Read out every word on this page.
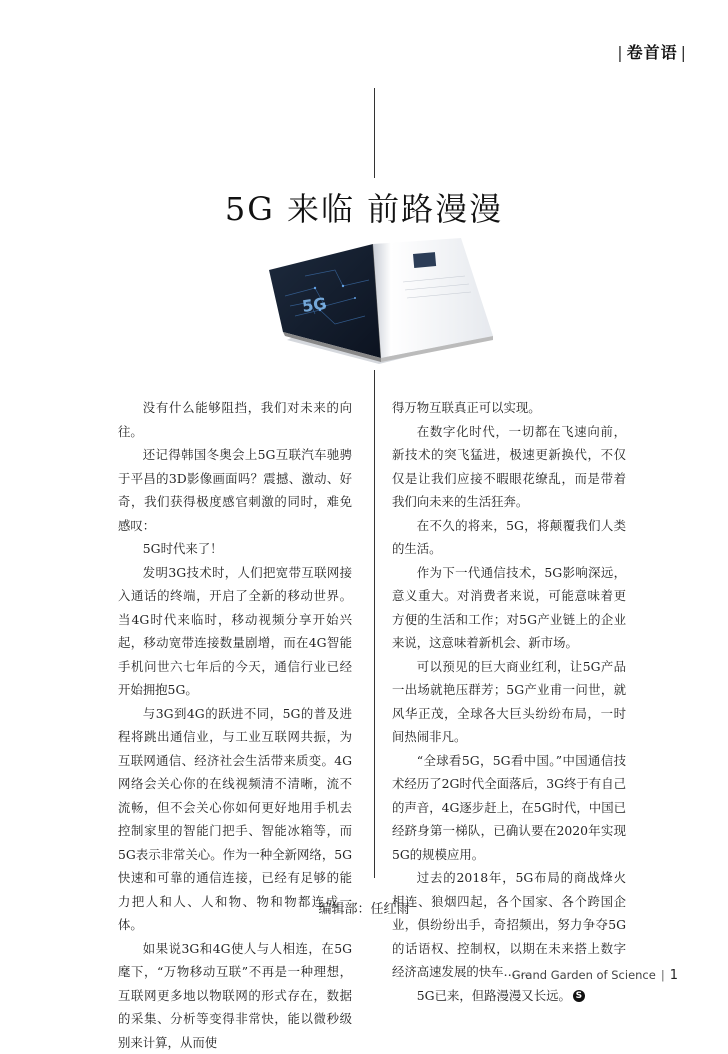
| 卷首语 |
5G 来临 前路漫漫
5G

没有什么能够阻挡，我们对未来的向往。

还记得韩国冬奥会上5G互联汽车驰骋于平昌的3D影像画面吗？震撼、激动、好奇，我们获得极度感官刺激的同时，难免感叹：

5G时代来了！

发明3G技术时，人们把宽带互联网接入通话的终端，开启了全新的移动世界。当4G时代来临时，移动视频分享开始兴起，移动宽带连接数量剧增，而在4G智能手机问世六七年后的今天，通信行业已经开始拥抱5G。

与3G到4G的跃进不同，5G的普及进程将跳出通信业，与工业互联网共振，为互联网通信、经济社会生活带来质变。4G网络会关心你的在线视频清不清晰，流不流畅，但不会关心你如何更好地用手机去控制家里的智能门把手、智能冰箱等，而5G表示非常关心。作为一种全新网络，5G快速和可靠的通信连接，已经有足够的能力把人和人、人和物、物和物都连成一体。

如果说3G和4G使人与人相连，在5G麾下，“万物移动互联”不再是一种理想，互联网更多地以物联网的形式存在，数据的采集、分析等变得非常快，能以微秒级别来计算，从而使

得万物互联真正可以实现。

在数字化时代，一切都在飞速向前，新技术的突飞猛进，极速更新换代，不仅仅是让我们应接不暇眼花缭乱，而是带着我们向未来的生活狂奔。

在不久的将来，5G，将颠覆我们人类的生活。

作为下一代通信技术，5G影响深远，意义重大。对消费者来说，可能意味着更方便的生活和工作；对5G产业链上的企业来说，这意味着新机会、新市场。

可以预见的巨大商业红利，让5G产品一出场就艳压群芳；5G产业甫一问世，就风华正茂，全球各大巨头纷纷布局，一时间热闹非凡。

“全球看5G，5G看中国。”中国通信技术经历了2G时代全面落后，3G终于有自己的声音，4G逐步赶上，在5G时代，中国已经跻身第一梯队，已确认要在2020年实现5G的规模应用。

过去的2018年，5G布局的商战烽火相连、狼烟四起，各个国家、各个跨国企业，俱纷纷出手，奇招频出，努力争夺5G的话语权、控制权，以期在未来搭上数字经济高速发展的快车……

5G已来，但路漫漫又长远。 S

编辑部：任红雨
Grand Garden of Science | 1
